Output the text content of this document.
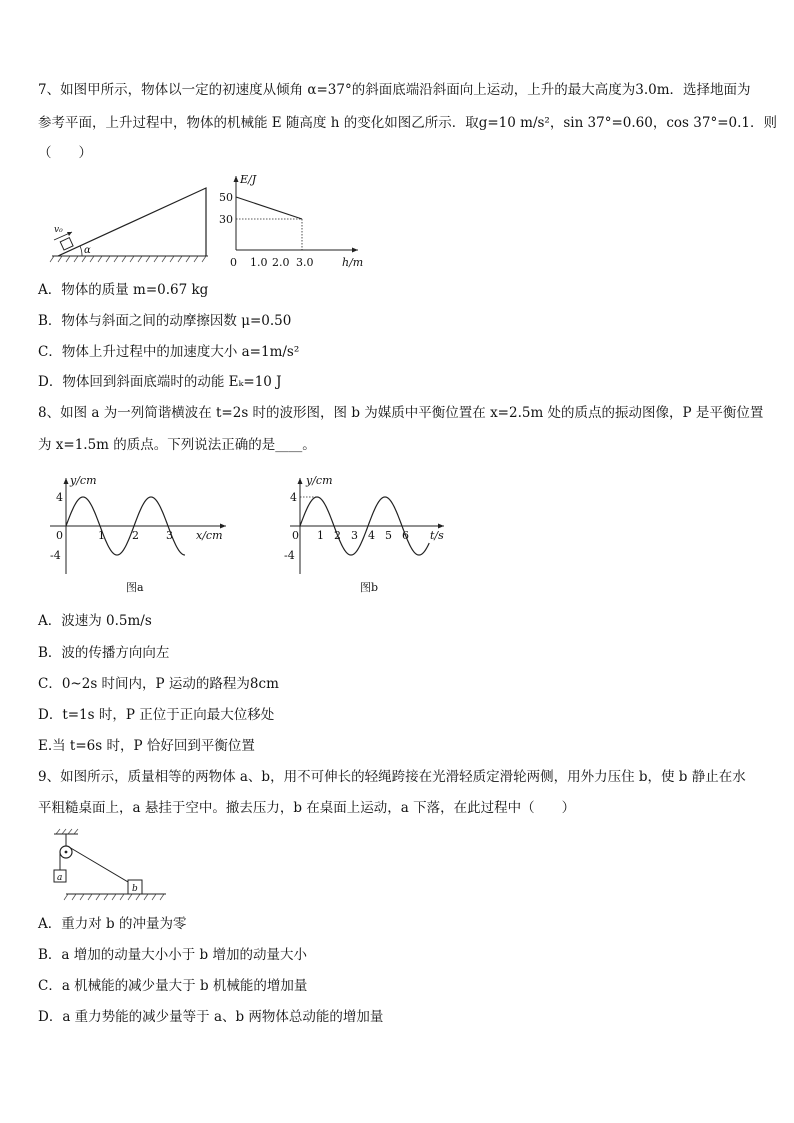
7、如图甲所示，物体以一定的初速度从倾角 α=37°的斜面底端沿斜面向上运动，上升的最大高度为3.0m．选择地面为
参考平面，上升过程中，物体的机械能 E 随高度 h 的变化如图乙所示．取g=10 m/s²，sin 37°=0.60，cos 37°=0.1．则
（　　）
v₀
α
E/J
h/m
50
30
0 1.0 2.0 3.0
A．物体的质量 m=0.67 kg
B．物体与斜面之间的动摩擦因数 μ=0.50
C．物体上升过程中的加速度大小 a=1m/s²
D．物体回到斜面底端时的动能 Eₖ=10 J
8、如图 a 为一列简谐横波在 t=2s 时的波形图，图 b 为媒质中平衡位置在 x=2.5m 处的质点的振动图像，P 是平衡位置
为 x=1.5m 的质点。下列说法正确的是____。
y/cm
x/cm
4
-4
0	1 2 3
图a
y/cm
t/s
4
-4
0 1 2 3 4 5 6
图b
A．波速为 0.5m/s
B．波的传播方向向左
C．0~2s 时间内，P 运动的路程为8cm
D．t=1s 时，P 正位于正向最大位移处
E.当 t=6s 时，P 恰好回到平衡位置
9、如图所示，质量相等的两物体 a、b，用不可伸长的轻绳跨接在光滑轻质定滑轮两侧，用外力压住 b，使 b 静止在水
平粗糙桌面上，a 悬挂于空中。撤去压力，b 在桌面上运动，a 下落，在此过程中（　　）
a
b
A．重力对 b 的冲量为零
B．a 增加的动量大小小于 b 增加的动量大小
C．a 机械能的减少量大于 b 机械能的增加量
D．a 重力势能的减少量等于 a、b 两物体总动能的增加量
